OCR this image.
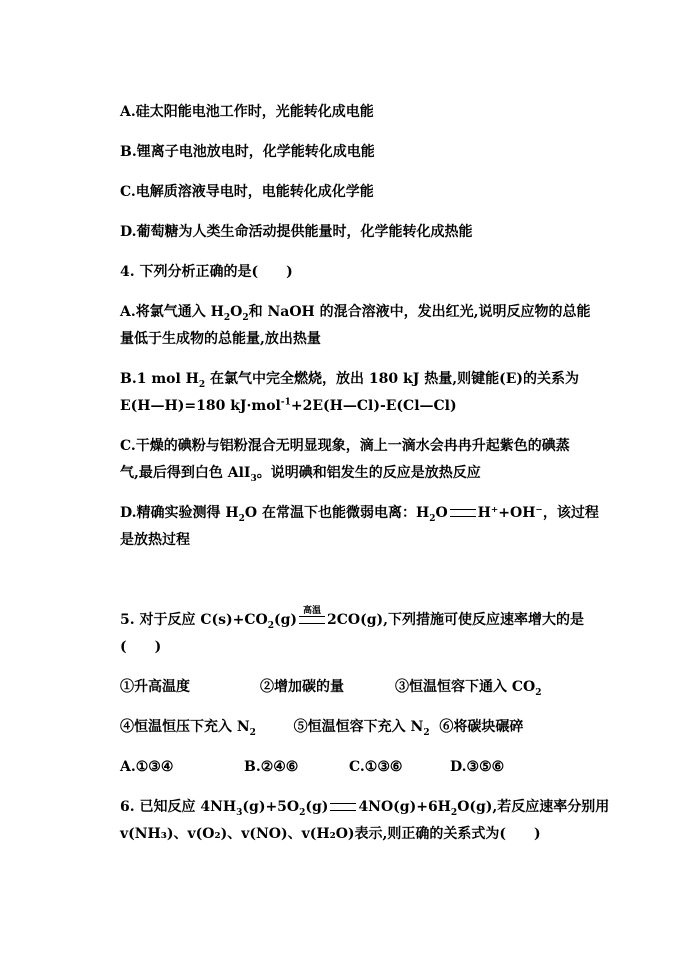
A.硅太阳能电池工作时，光能转化成电能
B.锂离子电池放电时，化学能转化成电能
C.电解质溶液导电时，电能转化成化学能
D.葡萄糖为人类生命活动提供能量时，化学能转化成热能
4. 下列分析正确的是(　　)
A.将氯气通入 $H_2O_2$和 NaOH 的混合溶液中，发出红光,说明反应物的总能
量低于生成物的总能量,放出热量
B.1 mol $H_2$ 在氯气中完全燃烧，放出 180 kJ 热量,则键能(E)的关系为
E(H—H)=180 kJ·mol$^{-1}$+2E(H—Cl)-E(Cl—Cl)
C.干燥的碘粉与铝粉混合无明显现象，滴上一滴水会冉冉升起紫色的碘蒸
气,最后得到白色 AlI$_3$。说明碘和铝发生的反应是放热反应
D.精确实验测得 $H_2O$ 在常温下也能微弱电离：$H_2O$ H⁺+OH⁻，该过程
是放热过程
5. 对于反应 $C(s)+CO_2(g)$
高温
2CO(g),下列措施可使反应速率增大的是
(　　)
①升高温度	②增加碳的量	③恒温恒容下通入 $CO_2$
④恒温恒压下充入 $N_2$	⑤恒温恒容下充入 $N_2$ ⑥将碳块碾碎
A.①③④	B.②④⑥	C.①③⑥	D.③⑤⑥
6. 已知反应 $4NH_3(g)+5O_2(g)$ $4NO(g)+6H_2O(g)$,若反应速率分别用
v(NH₃)、v(O₂)、v(NO)、v(H₂O)表示,则正确的关系式为(　　)
